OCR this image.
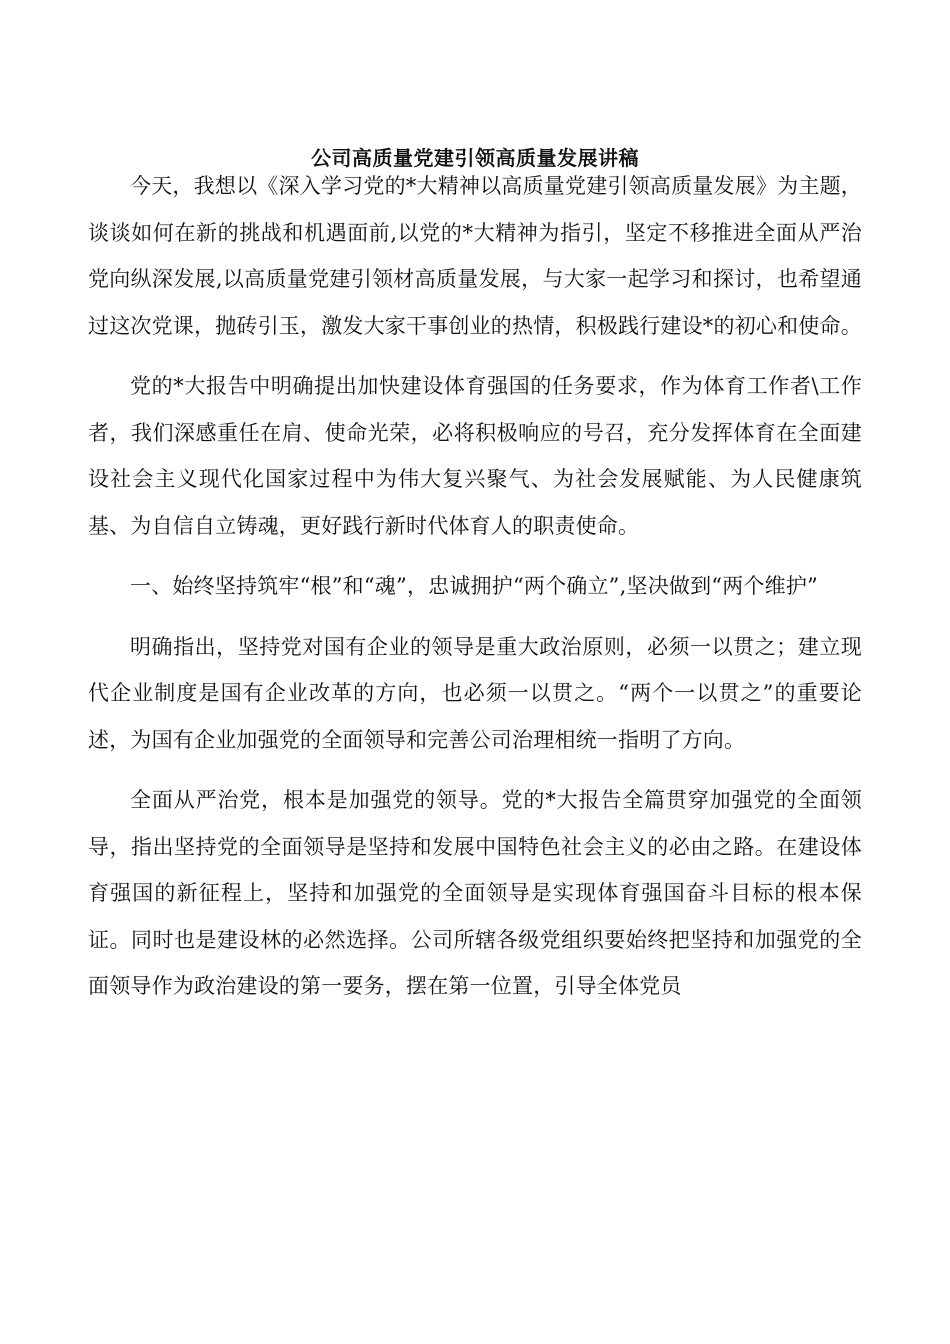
公司高质量党建引领高质量发展讲稿

今天，我想以《深入学习党的*大精神以高质量党建引领高质量发展》为主题，谈谈如何在新的挑战和机遇面前,以党的*大精神为指引，坚定不移推进全面从严治党向纵深发展,以高质量党建引领材高质量发展，与大家一起学习和探讨，也希望通过这次党课，抛砖引玉，激发大家干事创业的热情，积极践行建设*的初心和使命。

党的*大报告中明确提出加快建设体育强国的任务要求，作为体育工作者\工作者，我们深感重任在肩、使命光荣，必将积极响应的号召，充分发挥体育在全面建设社会主义现代化国家过程中为伟大复兴聚气、为社会发展赋能、为人民健康筑基、为自信自立铸魂，更好践行新时代体育人的职责使命。

一、始终坚持筑牢“根”和“魂”，忠诚拥护“两个确立”,坚决做到“两个维护”

明确指出，坚持党对国有企业的领导是重大政治原则，必须一以贯之；建立现代企业制度是国有企业改革的方向，也必须一以贯之。“两个一以贯之”的重要论述，为国有企业加强党的全面领导和完善公司治理相统一指明了方向。

全面从严治党，根本是加强党的领导。党的*大报告全篇贯穿加强党的全面领导，指出坚持党的全面领导是坚持和发展中国特色社会主义的必由之路。在建设体育强国的新征程上，坚持和加强党的全面领导是实现体育强国奋斗目标的根本保证。同时也是建设林的必然选择。公司所辖各级党组织要始终把坚持和加强党的全面领导作为政治建设的第一要务，摆在第一位置，引导全体党员
